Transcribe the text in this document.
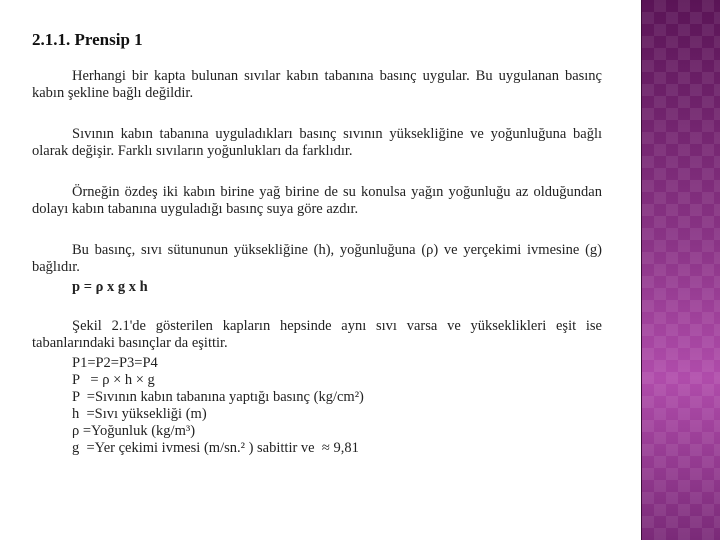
2.1.1. Prensip 1

Herhangi bir kapta bulunan sıvılar kabın tabanına basınç uygular. Bu uygulanan basınç kabın şekline bağlı değildir.

Sıvının kabın tabanına uyguladıkları basınç sıvının yüksekliğine ve yoğunluğuna bağlı olarak değişir. Farklı sıvıların yoğunlukları da farklıdır.

Örneğin özdeş iki kabın birine yağ birine de su konulsa yağın yoğunluğu az olduğundan dolayı kabın tabanına uyguladığı basınç suya göre azdır.

Bu basınç, sıvı sütununun yüksekliğine (h), yoğunluğuna (ρ) ve yerçekimi ivmesine (g) bağlıdır.

p = ρ x g x h

Şekil 2.1'de gösterilen kapların hepsinde aynı sıvı varsa ve yükseklikleri eşit ise tabanlarındaki basınçlar da eşittir.

P1=P2=P3=P4
P   = ρ × h × g
P  =Sıvının kabın tabanına yaptığı basınç (kg/cm²)
h  =Sıvı yüksekliği (m)
ρ =Yoğunluk (kg/m³)
g  =Yer çekimi ivmesi (m/sn.² ) sabittir ve  ≈ 9,81
